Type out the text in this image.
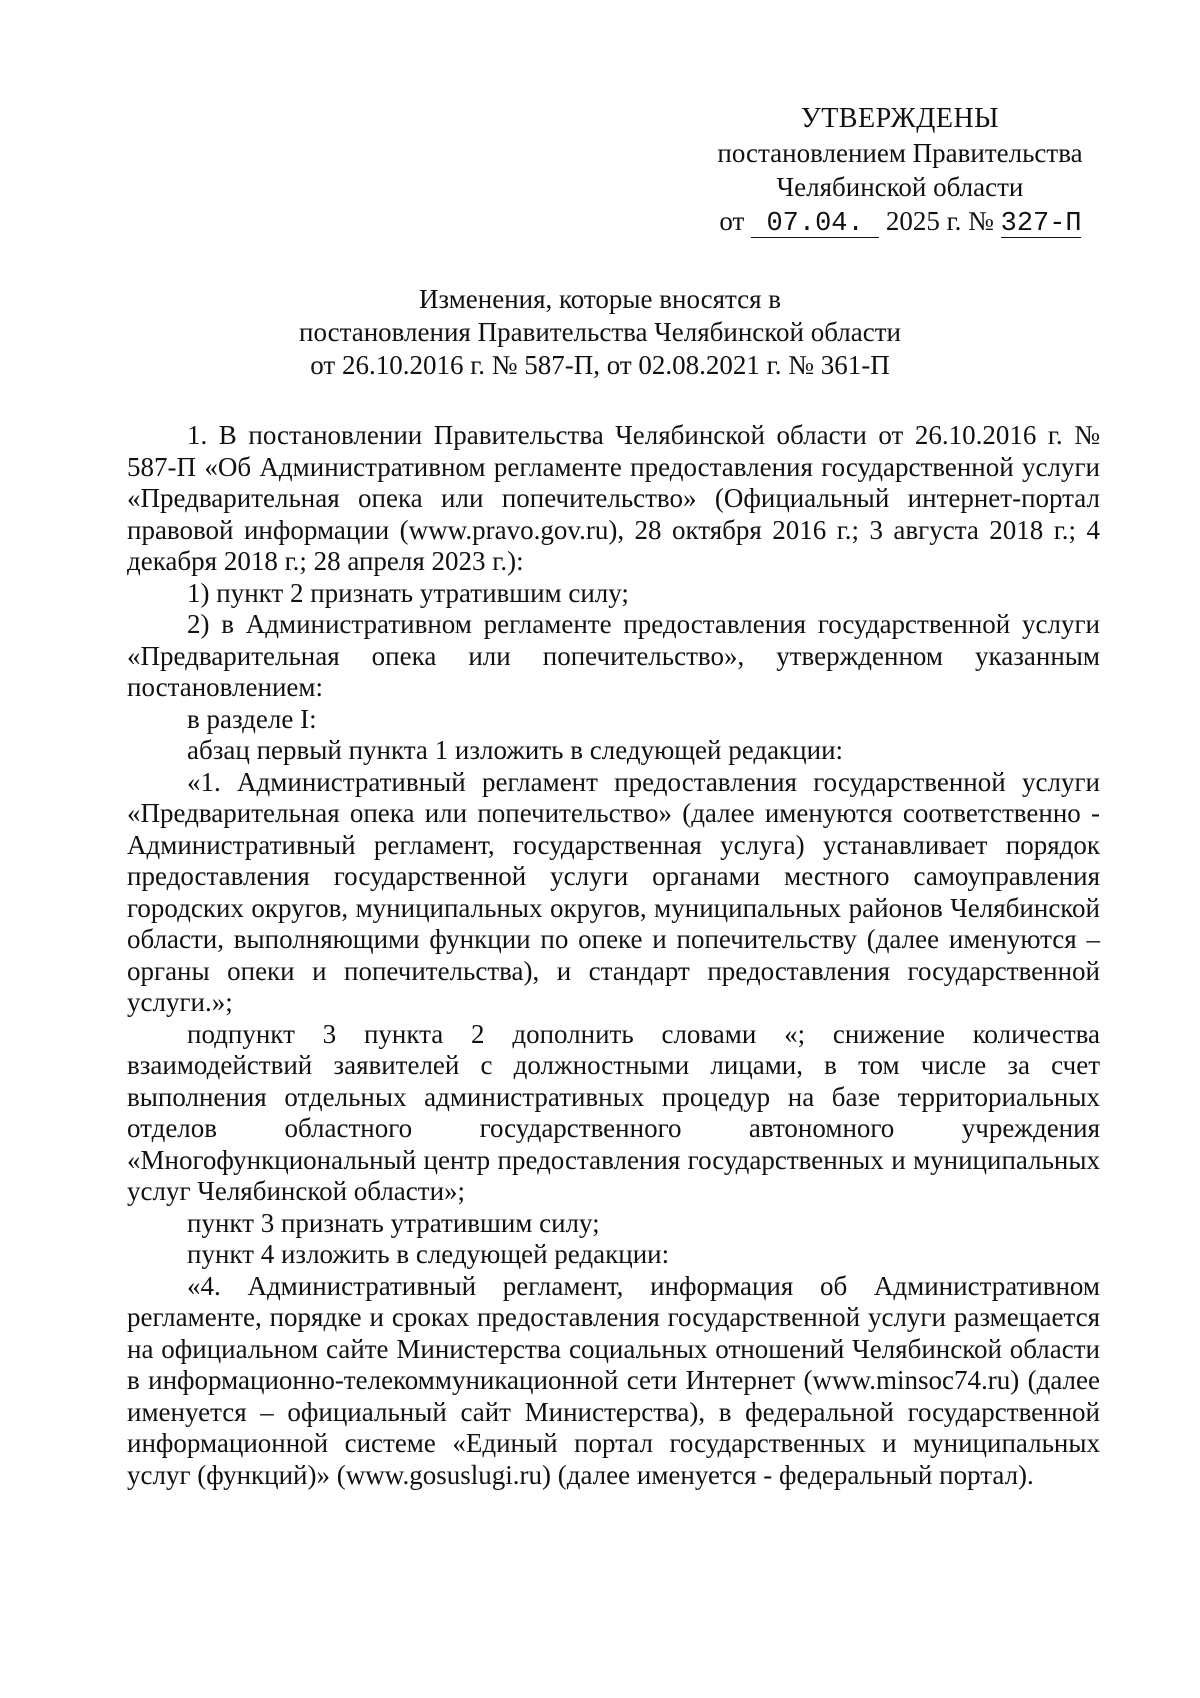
УТВЕРЖДЕНЫ
постановлением Правительства
Челябинской области
от 07.04. 2025 г. № 327-П
Изменения, которые вносятся в
постановления Правительства Челябинской области
от 26.10.2016 г. № 587-П, от 02.08.2021 г. № 361-П

1. В постановлении Правительства Челябинской области от 26.10.2016 г. № 587-П «Об Административном регламенте предоставления государственной услуги «Предварительная опека или попечительство» (Официальный интернет-портал правовой информации (www.pravo.gov.ru), 28 октября 2016 г.; 3 августа 2018 г.; 4 декабря 2018 г.; 28 апреля 2023 г.):

1) пункт 2 признать утратившим силу;

2) в Административном регламенте предоставления государственной услуги «Предварительная опека или попечительство», утвержденном указанным постановлением:

в разделе I:

абзац первый пункта 1 изложить в следующей редакции:

«1. Административный регламент предоставления государственной услуги «Предварительная опека или попечительство» (далее именуются соответственно - Административный регламент, государственная услуга) устанавливает порядок предоставления государственной услуги органами местного самоуправления городских округов, муниципальных округов, муниципальных районов Челябинской области, выполняющими функции по опеке и попечительству (далее именуются – органы опеки и попечительства), и стандарт предоставления государственной услуги.»;

подпункт 3 пункта 2 дополнить словами «; снижение количества взаимодействий заявителей с должностными лицами, в том числе за счет выполнения отдельных административных процедур на базе территориальных отделов областного государственного автономного учреждения «Многофункциональный центр предоставления государственных и муниципальных услуг Челябинской области»;

пункт 3 признать утратившим силу;

пункт 4 изложить в следующей редакции:

«4. Административный регламент, информация об Административном регламенте, порядке и сроках предоставления государственной услуги размещается на официальном сайте Министерства социальных отношений Челябинской области в информационно-телекоммуникационной сети Интернет (www.minsoc74.ru) (далее именуется – официальный сайт Министерства), в федеральной государственной информационной системе «Единый портал государственных и муниципальных услуг (функций)» (www.gosuslugi.ru) (далее именуется - федеральный портал).
